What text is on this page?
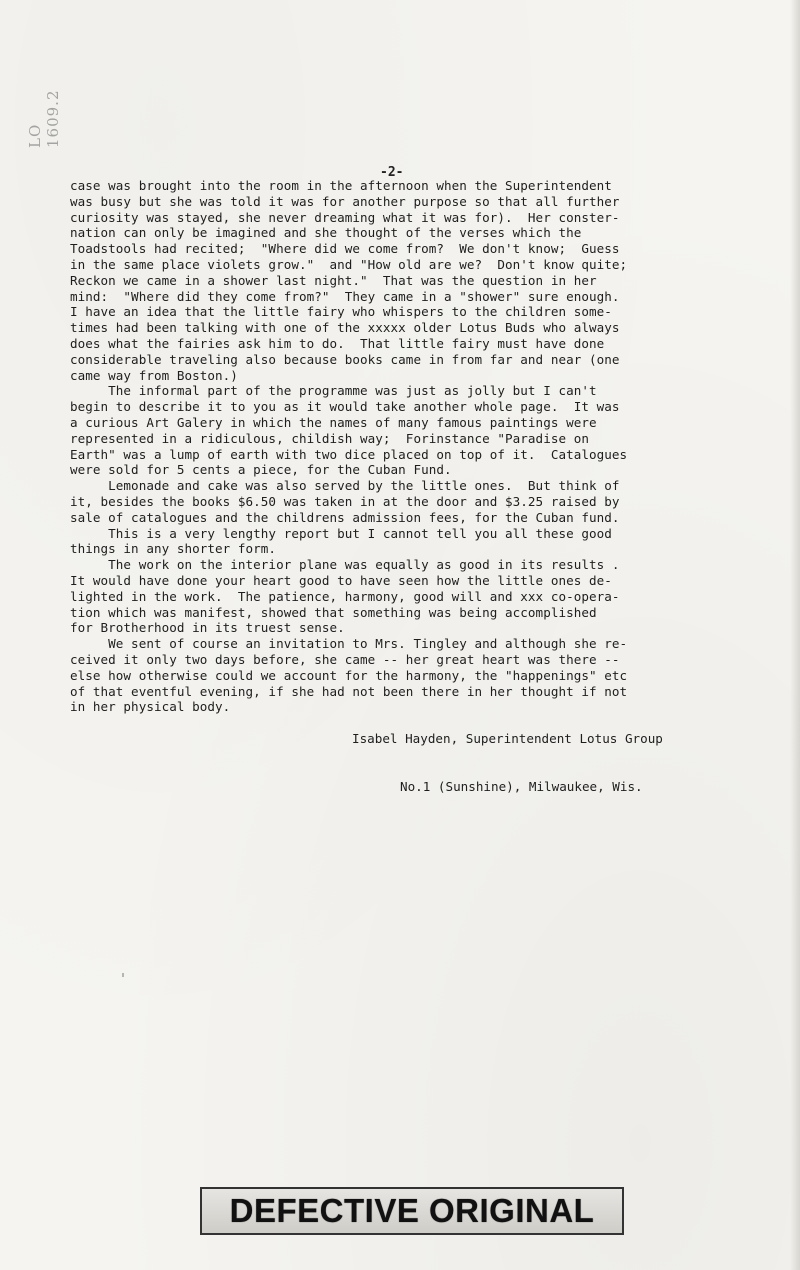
LO 1609.2
-2-

case was brought into the room in the afternoon when the Superintendent
was busy but she was told it was for another purpose so that all further
curiosity was stayed, she never dreaming what it was for).  Her conster-
nation can only be imagined and she thought of the verses which the
Toadstools had recited;  "Where did we come from?  We don't know;  Guess
in the same place violets grow."  and "How old are we?  Don't know quite;
Reckon we came in a shower last night."  That was the question in her
mind:  "Where did they come from?"  They came in a "shower" sure enough.
I have an idea that the little fairy who whispers to the children some-
times had been talking with one of the xxxxx older Lotus Buds who always
does what the fairies ask him to do.  That little fairy must have done
considerable traveling also because books came in from far and near (one
came way from Boston.)

The informal part of the programme was just as jolly but I can't
begin to describe it to you as it would take another whole page.  It was
a curious Art Galery in which the names of many famous paintings were
represented in a ridiculous, childish way;  Forinstance "Paradise on
Earth" was a lump of earth with two dice placed on top of it.  Catalogues
were sold for 5 cents a piece, for the Cuban Fund.

Lemonade and cake was also served by the little ones.  But think of
it, besides the books $6.50 was taken in at the door and $3.25 raised by
sale of catalogues and the childrens admission fees, for the Cuban fund.

This is a very lengthy report but I cannot tell you all these good
things in any shorter form.

The work on the interior plane was equally as good in its results .
It would have done your heart good to have seen how the little ones de-
lighted in the work.  The patience, harmony, good will and xxx co-opera-
tion which was manifest, showed that something was being accomplished
for Brotherhood in its truest sense.

We sent of course an invitation to Mrs. Tingley and although she re-
ceived it only two days before, she came -- her great heart was there --
else how otherwise could we account for the harmony, the "happenings" etc
of that eventful evening, if she had not been there in her thought if not
in her physical body.

Isabel Hayden, Superintendent Lotus Group

No.1 (Sunshine), Milwaukee, Wis.

DEFECTIVE ORIGINAL
